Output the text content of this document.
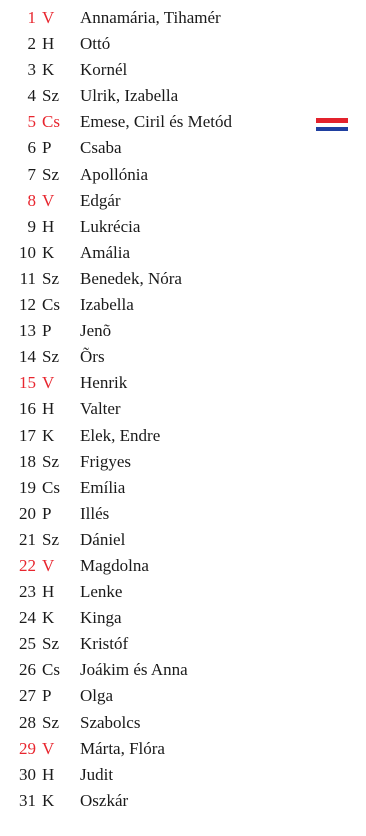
1 V Annamária, Tihamér
2 H Ottó
3 K Kornél
4 Sz Ulrik, Izabella
5 Cs Emese, Ciril és Metód
6 P Csaba
7 Sz Apollónia
8 V Edgár
9 H Lukrécia
10 K Amália
11 Sz Benedek, Nóra
12 Cs Izabella
13 P Jenõ
14 Sz Õrs
15 V Henrik
16 H Valter
17 K Elek, Endre
18 Sz Frigyes
19 Cs Emília
20 P Illés
21 Sz Dániel
22 V Magdolna
23 H Lenke
24 K Kinga
25 Sz Kristóf
26 Cs Joákim és Anna
27 P Olga
28 Sz Szabolcs
29 V Márta, Flóra
30 H Judit
31 K Oszkár
